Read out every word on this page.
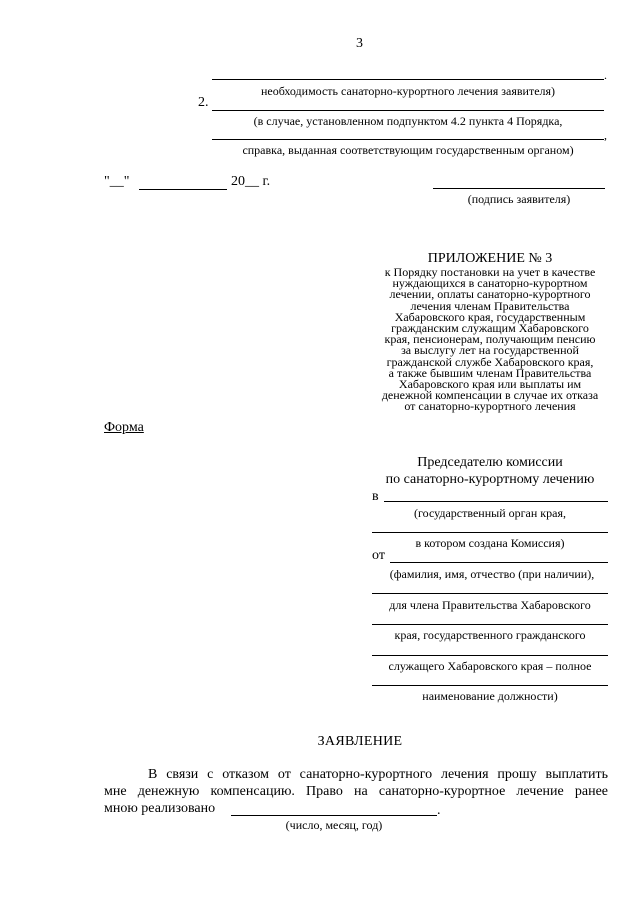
3
.
необходимость санаторно-курортного лечения заявителя)
2.
(в случае, установленном подпунктом 4.2 пункта 4 Порядка,
,
справка, выданная соответствующим государственным органом)
"__"	20__ г.
(подпись заявителя)
ПРИЛОЖЕНИЕ № 3
к Порядку постановки на учет в качестве
нуждающихся в санаторно-курортном
лечении, оплаты санаторно-курортного
лечения членам Правительства
Хабаровского края, государственным
гражданским служащим Хабаровского
края, пенсионерам, получающим пенсию
за выслугу лет на государственной
гражданской службе Хабаровского края,
а также бывшим членам Правительства
Хабаровского края или выплаты им
денежной компенсации в случае их отказа
от санаторно-курортного лечения
Форма
Председателю комиссии
по санаторно-курортному лечению
в
(государственный орган края,
в котором создана Комиссия)
от
(фамилия, имя, отчество (при наличии),
для члена Правительства Хабаровского
края, государственного гражданского
служащего Хабаровского края – полное
наименование должности)
ЗАЯВЛЕНИЕ
В связи с отказом от санаторно-курортного лечения прошу выплатить
мне денежную компенсацию. Право на санаторно-курортное лечение ранее
мною реализовано	.
(число, месяц, год)
